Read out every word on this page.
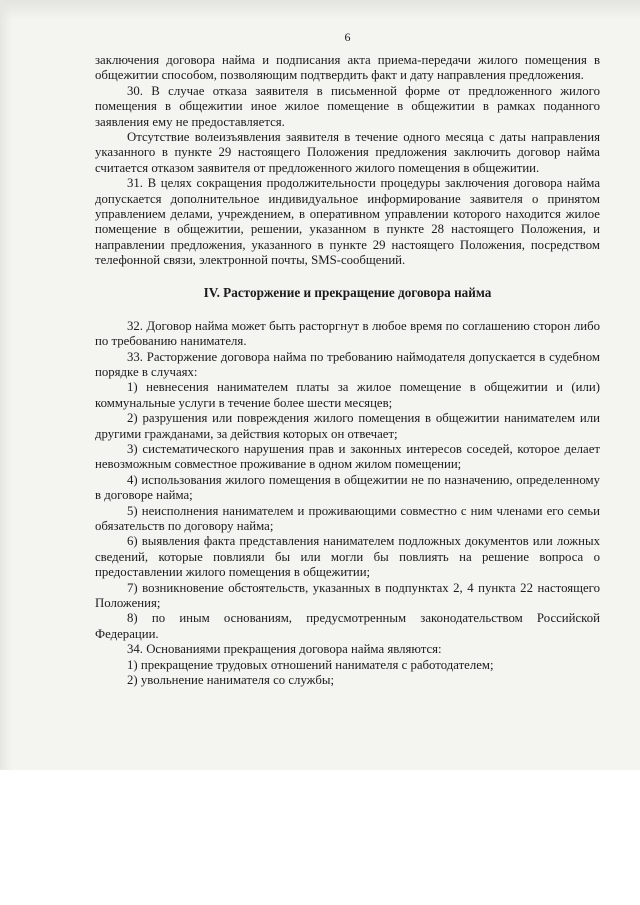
6

заключения договора найма и подписания акта приема-передачи жилого помещения в общежитии способом, позволяющим подтвердить факт и дату направления предложения.

30. В случае отказа заявителя в письменной форме от предложенного жилого помещения в общежитии иное жилое помещение в общежитии в рамках поданного заявления ему не предоставляется.

Отсутствие волеизъявления заявителя в течение одного месяца с даты направления указанного в пункте 29 настоящего Положения предложения заключить договор найма считается отказом заявителя от предложенного жилого помещения в общежитии.

31. В целях сокращения продолжительности процедуры заключения договора найма допускается дополнительное индивидуальное информирование заявителя о принятом управлением делами, учреждением, в оперативном управлении которого находится жилое помещение в общежитии, решении, указанном в пункте 28 настоящего Положения, и направлении предложения, указанного в пункте 29 настоящего Положения, посредством телефонной связи, электронной почты, SMS-сообщений.

IV. Расторжение и прекращение договора найма

32. Договор найма может быть расторгнут в любое время по соглашению сторон либо по требованию нанимателя.

33. Расторжение договора найма по требованию наймодателя допускается в судебном порядке в случаях:

1) невнесения нанимателем платы за жилое помещение в общежитии и (или) коммунальные услуги в течение более шести месяцев;

2) разрушения или повреждения жилого помещения в общежитии нанимателем или другими гражданами, за действия которых он отвечает;

3) систематического нарушения прав и законных интересов соседей, которое делает невозможным совместное проживание в одном жилом помещении;

4) использования жилого помещения в общежитии не по назначению, определенному в договоре найма;

5) неисполнения нанимателем и проживающими совместно с ним членами его семьи обязательств по договору найма;

6) выявления факта представления нанимателем подложных документов или ложных сведений, которые повлияли бы или могли бы повлиять на решение вопроса о предоставлении жилого помещения в общежитии;

7) возникновение обстоятельств, указанных в подпунктах 2, 4 пункта 22 настоящего Положения;

8) по иным основаниям, предусмотренным законодательством Российской Федерации.

34. Основаниями прекращения договора найма являются:

1) прекращение трудовых отношений нанимателя с работодателем;

2) увольнение нанимателя со службы;
